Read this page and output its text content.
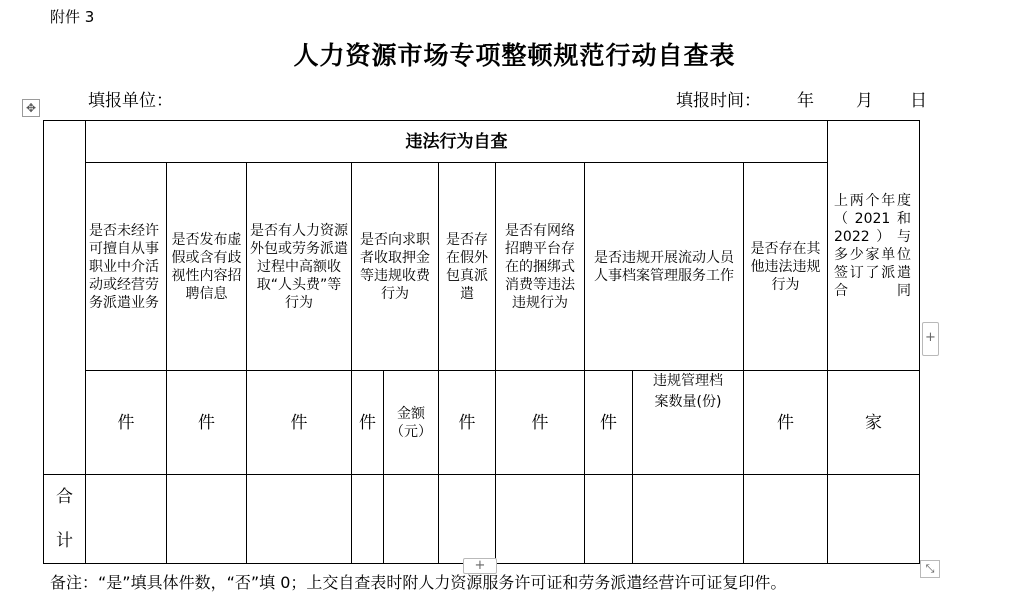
附件 3
人力资源市场专项整顿规范行动自查表
填报单位：	填报时间： 年 月 日
✥
	违法行为自查										上两个年度（2021和2022）与多少家单位签订了派遣合同
	是否未经许可擅自从事职业中介活动或经营劳务派遣业务	是否发布虚假或含有歧视性内容招聘信息	是否有人力资源外包或劳务派遣过程中高额收取“人头费”等行为	是否向求职者收取押金等违规收费行为		是否存在假外包真派遣	是否有网络招聘平台存在的捆绑式消费等违法违规行为	是否违规开展流动人员人事档案管理服务工作		是否存在其他违法违规行为	
	件	件	件	件	金额（元）	件	件	件	违规管理档案数量(份)	件	家
合
计											
+
+	⤡
备注：“是”填具体件数，“否”填 0；上交自查表时附人力资源服务许可证和劳务派遣经营许可证复印件。
